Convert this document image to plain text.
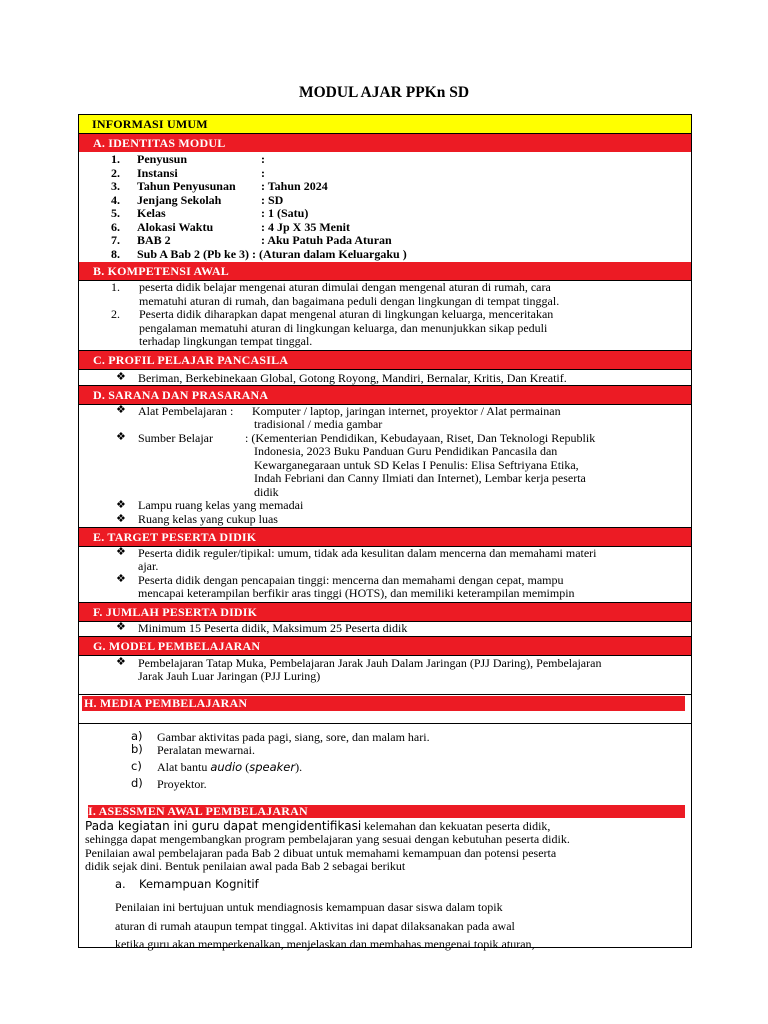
MODUL AJAR PPKn SD
INFORMASI UMUM
A. IDENTITAS MODUL
1. Penyusun	:
2. Instansi	:
3. Tahun Penyusunan : Tahun 2024
4. Jenjang Sekolah	: SD
5. Kelas	: 1 (Satu)
6. Alokasi Waktu	: 4 Jp X 35 Menit
7. BAB 2	: Aku Patuh Pada Aturan
8. Sub A Bab 2 (Pb ke 3) : (Aturan dalam Keluargaku )
B. KOMPETENSI AWAL
1. peserta didik belajar mengenai aturan dimulai dengan mengenal aturan di rumah, cara
mematuhi aturan di rumah, dan bagaimana peduli dengan lingkungan di tempat tinggal.
2. Peserta didik diharapkan dapat mengenal aturan di lingkungan keluarga, menceritakan
pengalaman mematuhi aturan di lingkungan keluarga, dan menunjukkan sikap peduli
terhadap lingkungan tempat tinggal.
C. PROFIL PELAJAR PANCASILA
❖ Beriman, Berkebinekaan Global, Gotong Royong, Mandiri, Bernalar, Kritis, Dan Kreatif.
D. SARANA DAN PRASARANA
❖ Alat Pembelajaran : Komputer / laptop, jaringan internet, proyektor / Alat permainan
tradisional / media gambar
❖ Sumber Belajar	: (Kementerian Pendidikan, Kebudayaan, Riset, Dan Teknologi Republik
Indonesia, 2023 Buku Panduan Guru Pendidikan Pancasila dan
Kewarganegaraan untuk SD Kelas I Penulis: Elisa Seftriyana Etika,
Indah Febriani dan Canny Ilmiati dan Internet), Lembar kerja peserta
didik
❖ Lampu ruang kelas yang memadai
❖ Ruang kelas yang cukup luas
E. TARGET PESERTA DIDIK
❖ Peserta didik reguler/tipikal: umum, tidak ada kesulitan dalam mencerna dan memahami materi
ajar.
❖ Peserta didik dengan pencapaian tinggi: mencerna dan memahami dengan cepat, mampu
mencapai keterampilan berfikir aras tinggi (HOTS), dan memiliki keterampilan memimpin
F. JUMLAH PESERTA DIDIK
❖ Minimum 15 Peserta didik, Maksimum 25 Peserta didik
G. MODEL PEMBELAJARAN
❖ Pembelajaran Tatap Muka, Pembelajaran Jarak Jauh Dalam Jaringan (PJJ Daring), Pembelajaran
Jarak Jauh Luar Jaringan (PJJ Luring)
H. MEDIA PEMBELAJARAN
a) Gambar aktivitas pada pagi, siang, sore, dan malam hari.
b) Peralatan mewarnai.
c) Alat bantu audio (speaker).
d) Proyektor.
I. ASESSMEN AWAL PEMBELAJARAN
Pada kegiatan ini guru dapat mengidentifikasi kelemahan dan kekuatan peserta didik,
sehingga dapat mengembangkan program pembelajaran yang sesuai dengan kebutuhan peserta didik.
Penilaian awal pembelajaran pada Bab 2 dibuat untuk memahami kemampuan dan potensi peserta
didik sejak dini. Bentuk penilaian awal pada Bab 2 sebagai berikut
a. Kemampuan Kognitif
Penilaian ini bertujuan untuk mendiagnosis kemampuan dasar siswa dalam topik
aturan di rumah ataupun tempat tinggal. Aktivitas ini dapat dilaksanakan pada awal
ketika guru akan memperkenalkan, menjelaskan dan membahas mengenai topik aturan,
